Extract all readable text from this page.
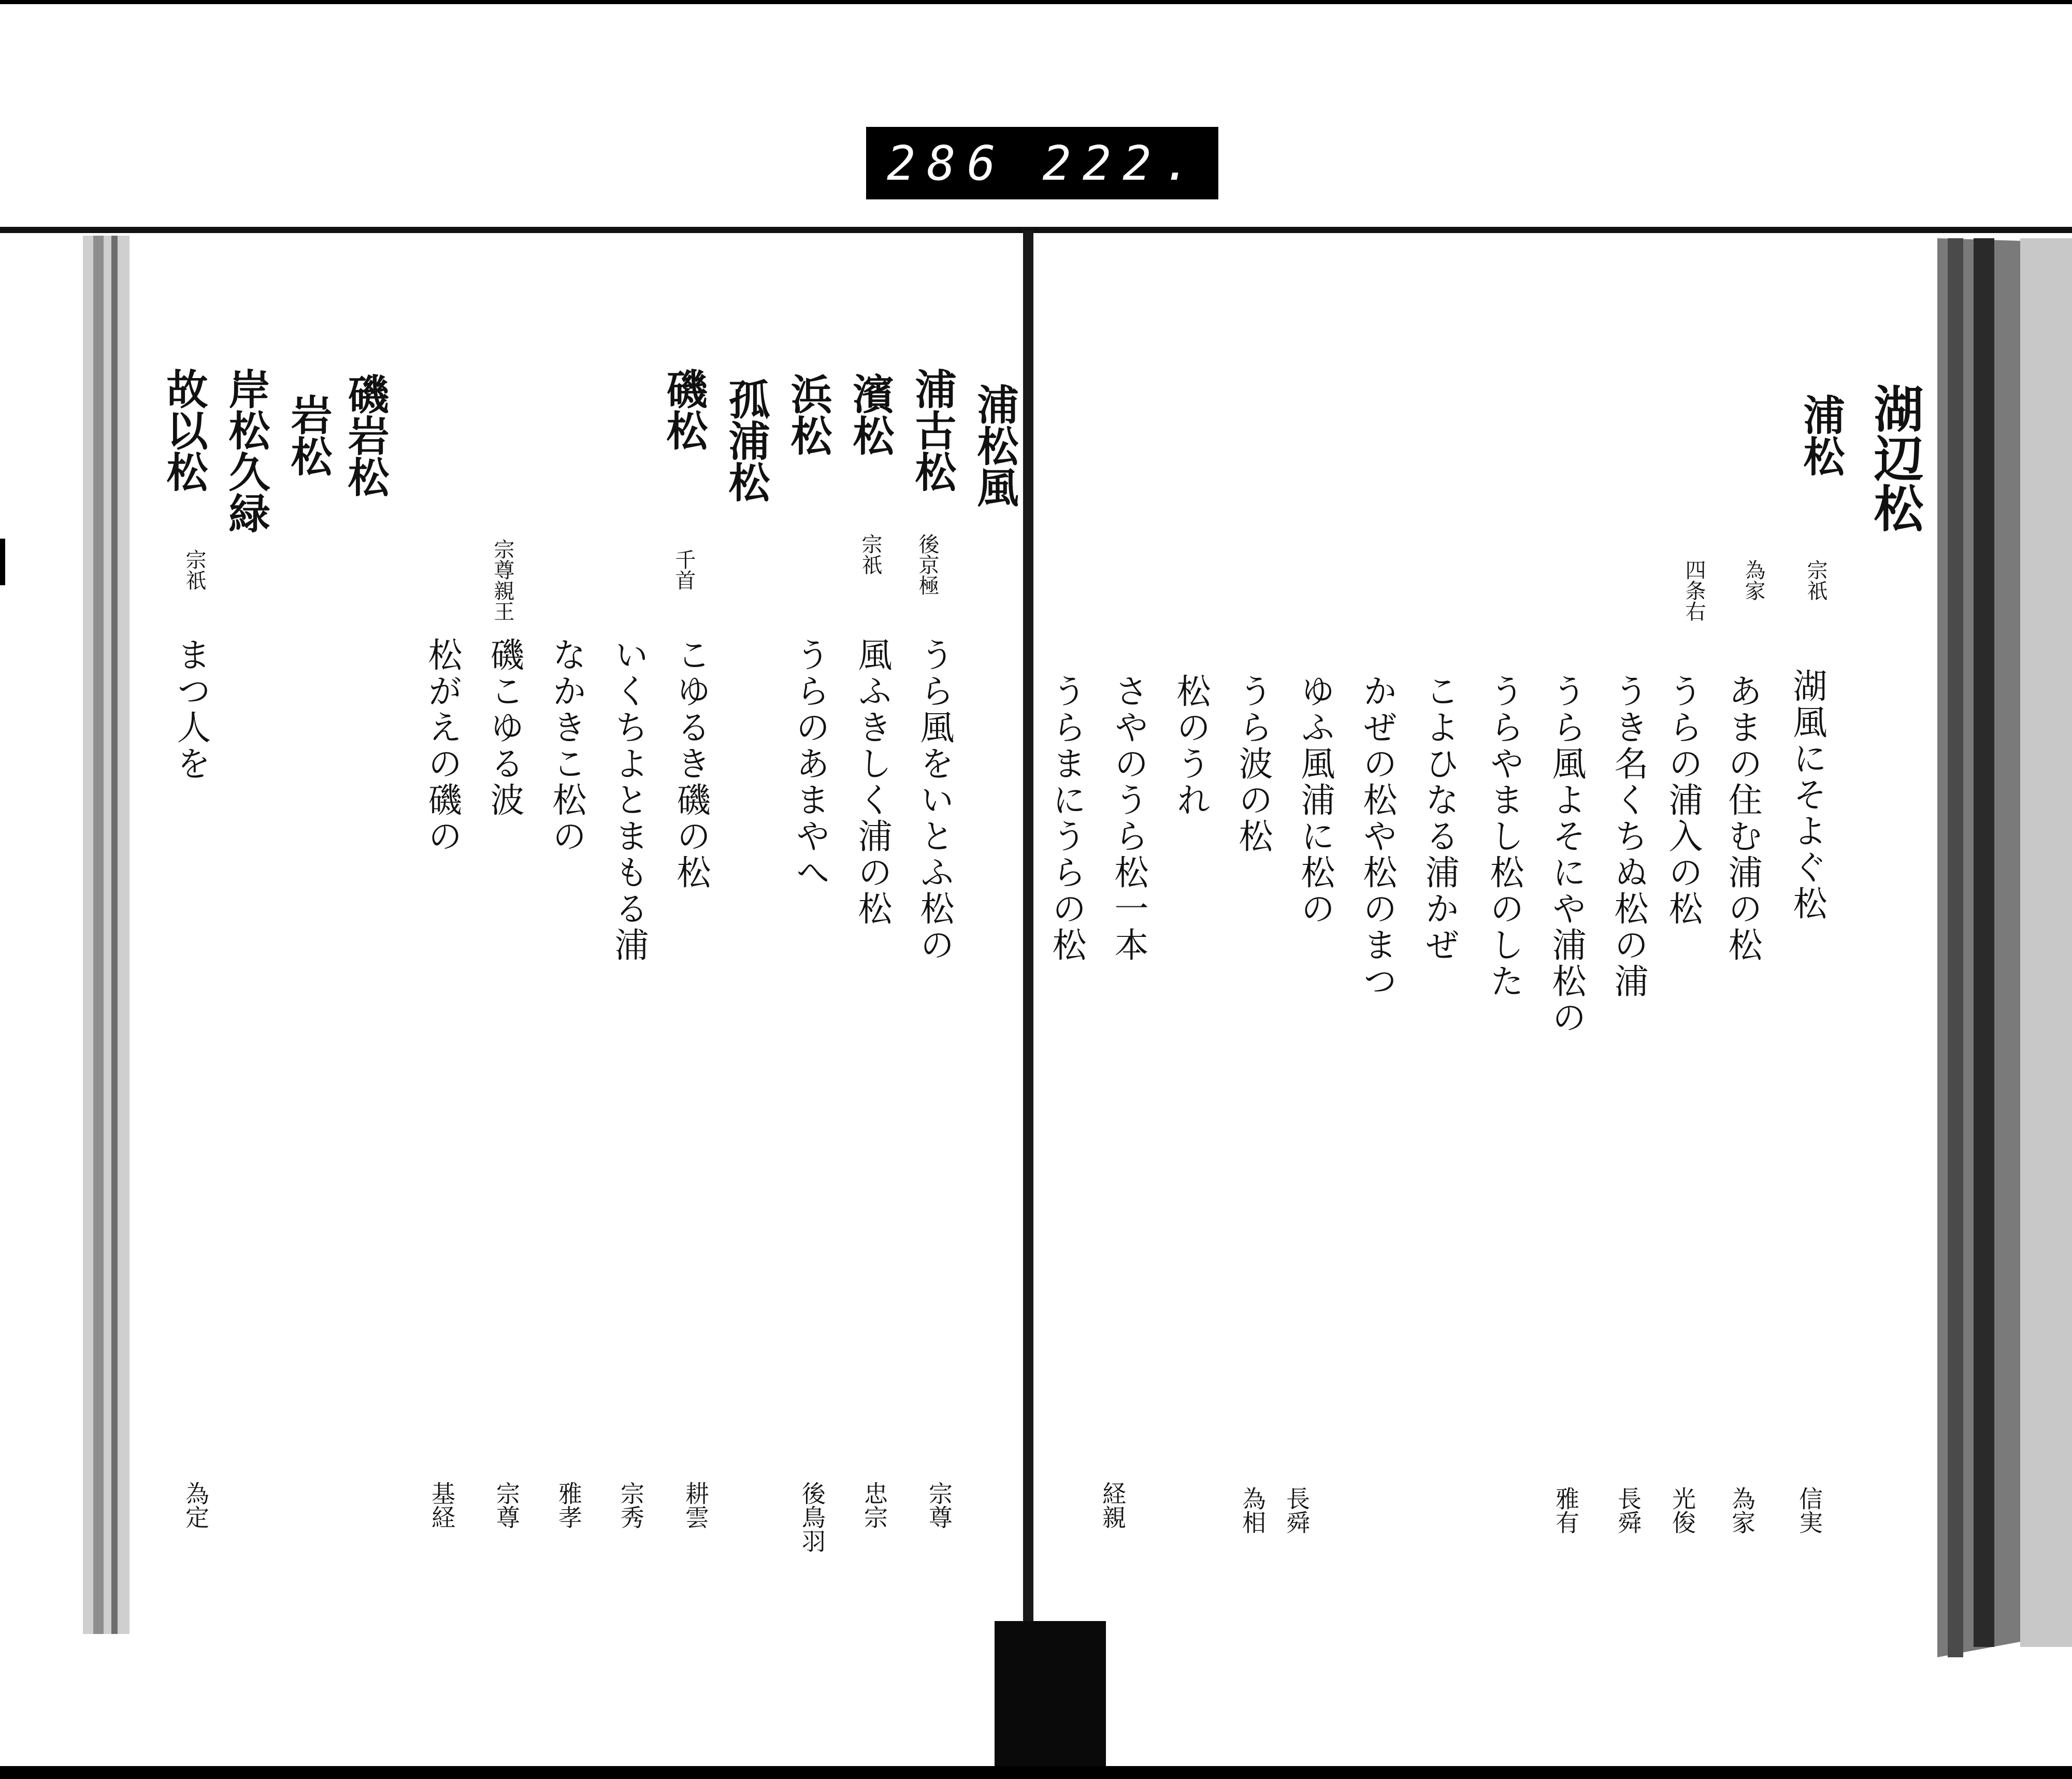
286 222.
湖辺松
浦松
宗祇
湖風にそよぐ松
信実
為家
あまの住む浦の松
為家
四条右
うらの浦入の松
光俊
うき名くちぬ松の浦
長舜
うら風よそにや浦松の
雅有
うらやまし松のした
こよひなる浦かぜ
かぜの松や松のまつ
ゆふ風浦に松の
長舜
うら波の松
為相
松のうれ
さやのうら松一本
経親
うらまにうらの松
浦松風
浦古松
濱松
浜松
孤浦松
磯松
磯岩松
岩松
岸松久緑
故以松
後京極
うら風をいとふ松の
宗尊
宗祇
風ふきしく浦の松
忠宗
うらのあまやへ
後鳥羽
千首
こゆるき磯の松
耕雲
いくちよとまもる浦
宗秀
なかきこ松の
雅孝
宗尊親王
磯こゆる波
宗尊
松がえの磯の
基経
宗祇
まつ人を
為定
